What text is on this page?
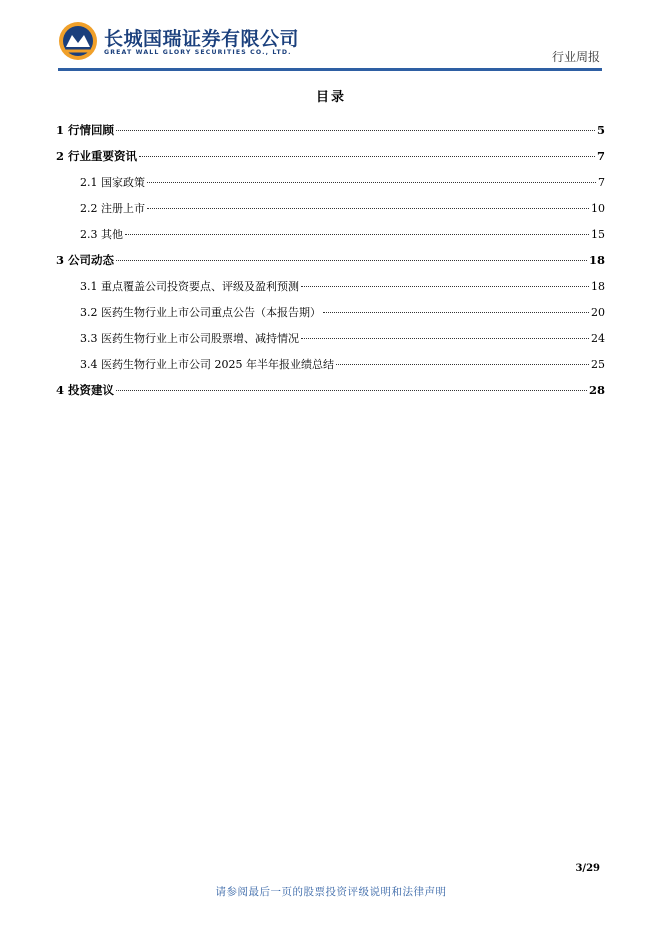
长城国瑞证券有限公司
GREAT WALL GLORY SECURITIES CO., LTD.	行业周报
目录
1 行情回顾	5
2 行业重要资讯	7
2.1 国家政策	7
2.2 注册上市	10
2.3 其他	15
3 公司动态	18
3.1 重点覆盖公司投资要点、评级及盈利预测	18
3.2 医药生物行业上市公司重点公告（本报告期）	20
3.3 医药生物行业上市公司股票增、减持情况	24
3.4 医药生物行业上市公司 2025 年半年报业绩总结	25
4 投资建议	28
3/29
请参阅最后一页的股票投资评级说明和法律声明
